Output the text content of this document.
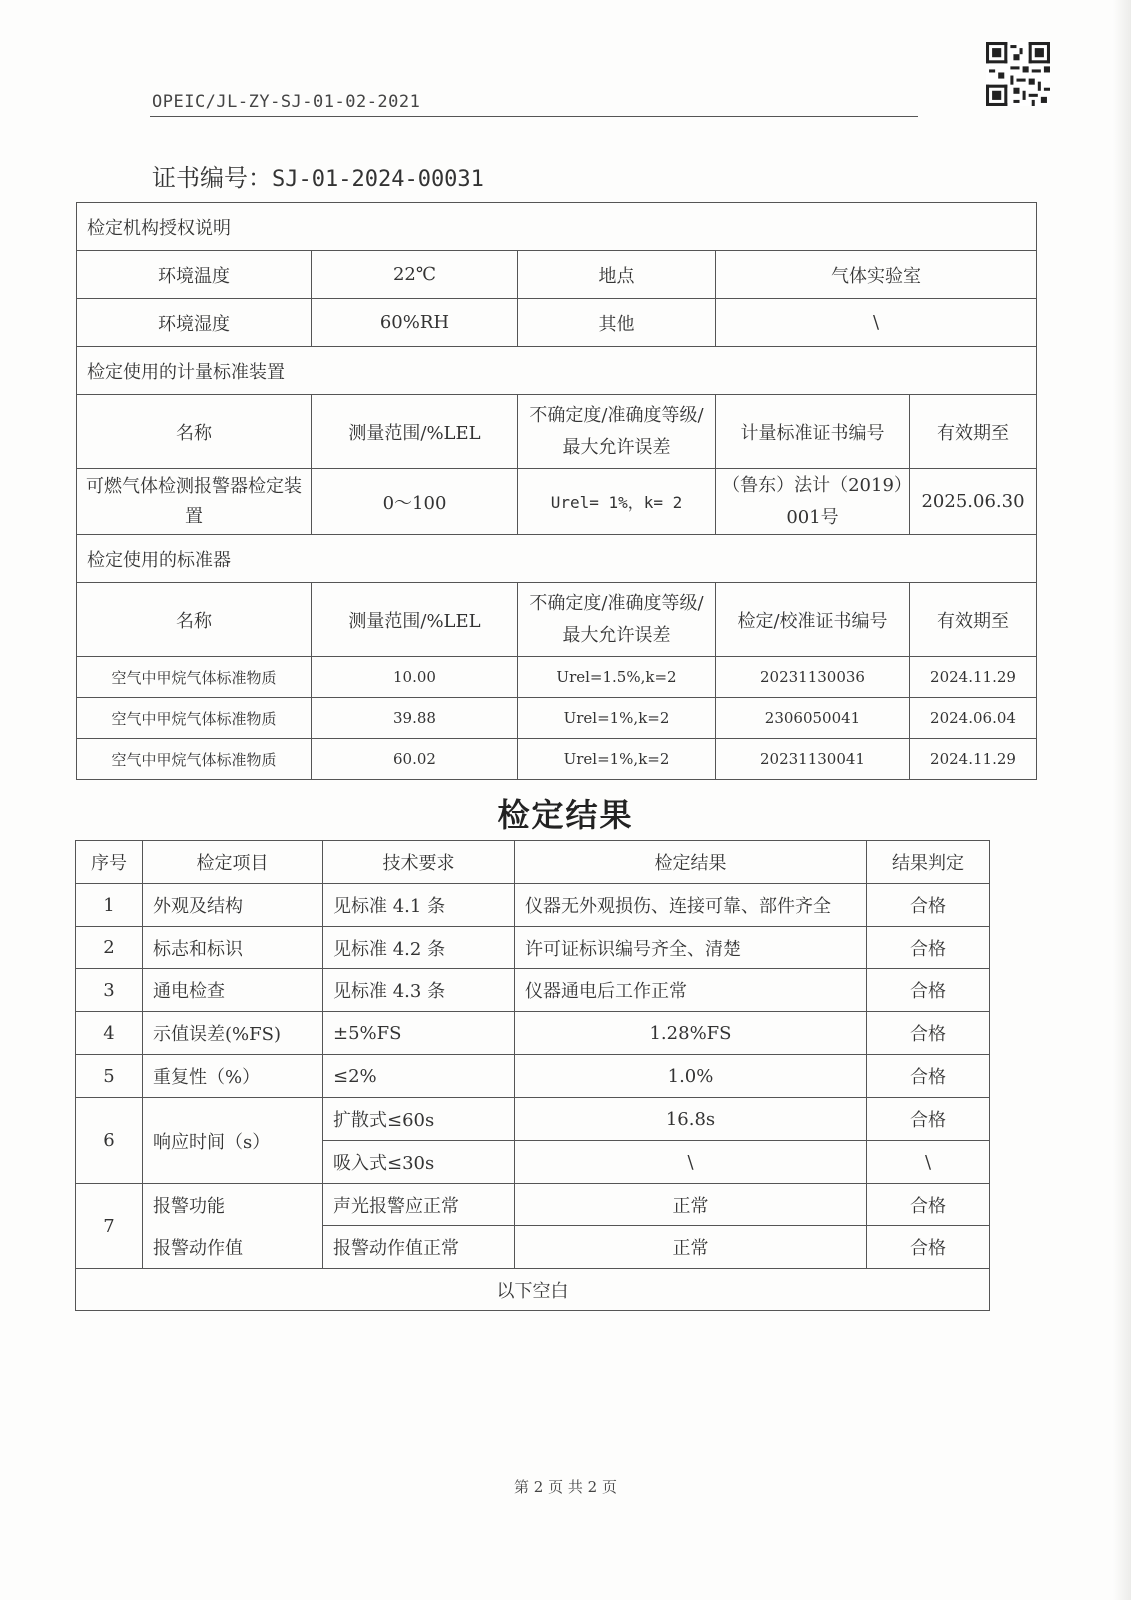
OPEIC/JL-ZY-SJ-01-02-2021
证书编号：SJ-01-2024-00031
检定机构授权说明				
环境温度	22℃	地点	气体实验室	
环境湿度	60%RH	其他	\	
检定使用的计量标准装置				
名称	测量范围/%LEL	不确定度/准确度等级/最大允许误差	计量标准证书编号	有效期至
可燃气体检测报警器检定装置	0～100	Urel= 1%，k= 2	（鲁东）法计（2019）001号	2025.06.30
检定使用的标准器				
名称	测量范围/%LEL	不确定度/准确度等级/最大允许误差	检定/校准证书编号	有效期至
空气中甲烷气体标准物质	10.00	Urel=1.5%,k=2	20231130036	2024.11.29
空气中甲烷气体标准物质	39.88	Urel=1%,k=2	2306050041	2024.06.04
空气中甲烷气体标准物质	60.02	Urel=1%,k=2	20231130041	2024.11.29
检定结果
序号	检定项目	技术要求	检定结果	结果判定
1	外观及结构	见标准 4.1 条	仪器无外观损伤、连接可靠、部件齐全	合格
2	标志和标识	见标准 4.2 条	许可证标识编号齐全、清楚	合格
3	通电检查	见标准 4.3 条	仪器通电后工作正常	合格
4	示值误差(%FS)	±5%FS	1.28%FS	合格
5	重复性（%）	≤2%	1.0%	合格
6	响应时间（s）	扩散式≤60s	16.8s	合格
		吸入式≤30s	\	\
7	报警功能	声光报警应正常	正常	合格
	报警动作值	报警动作值正常	正常	合格
以下空白				
第 2 页 共 2 页
